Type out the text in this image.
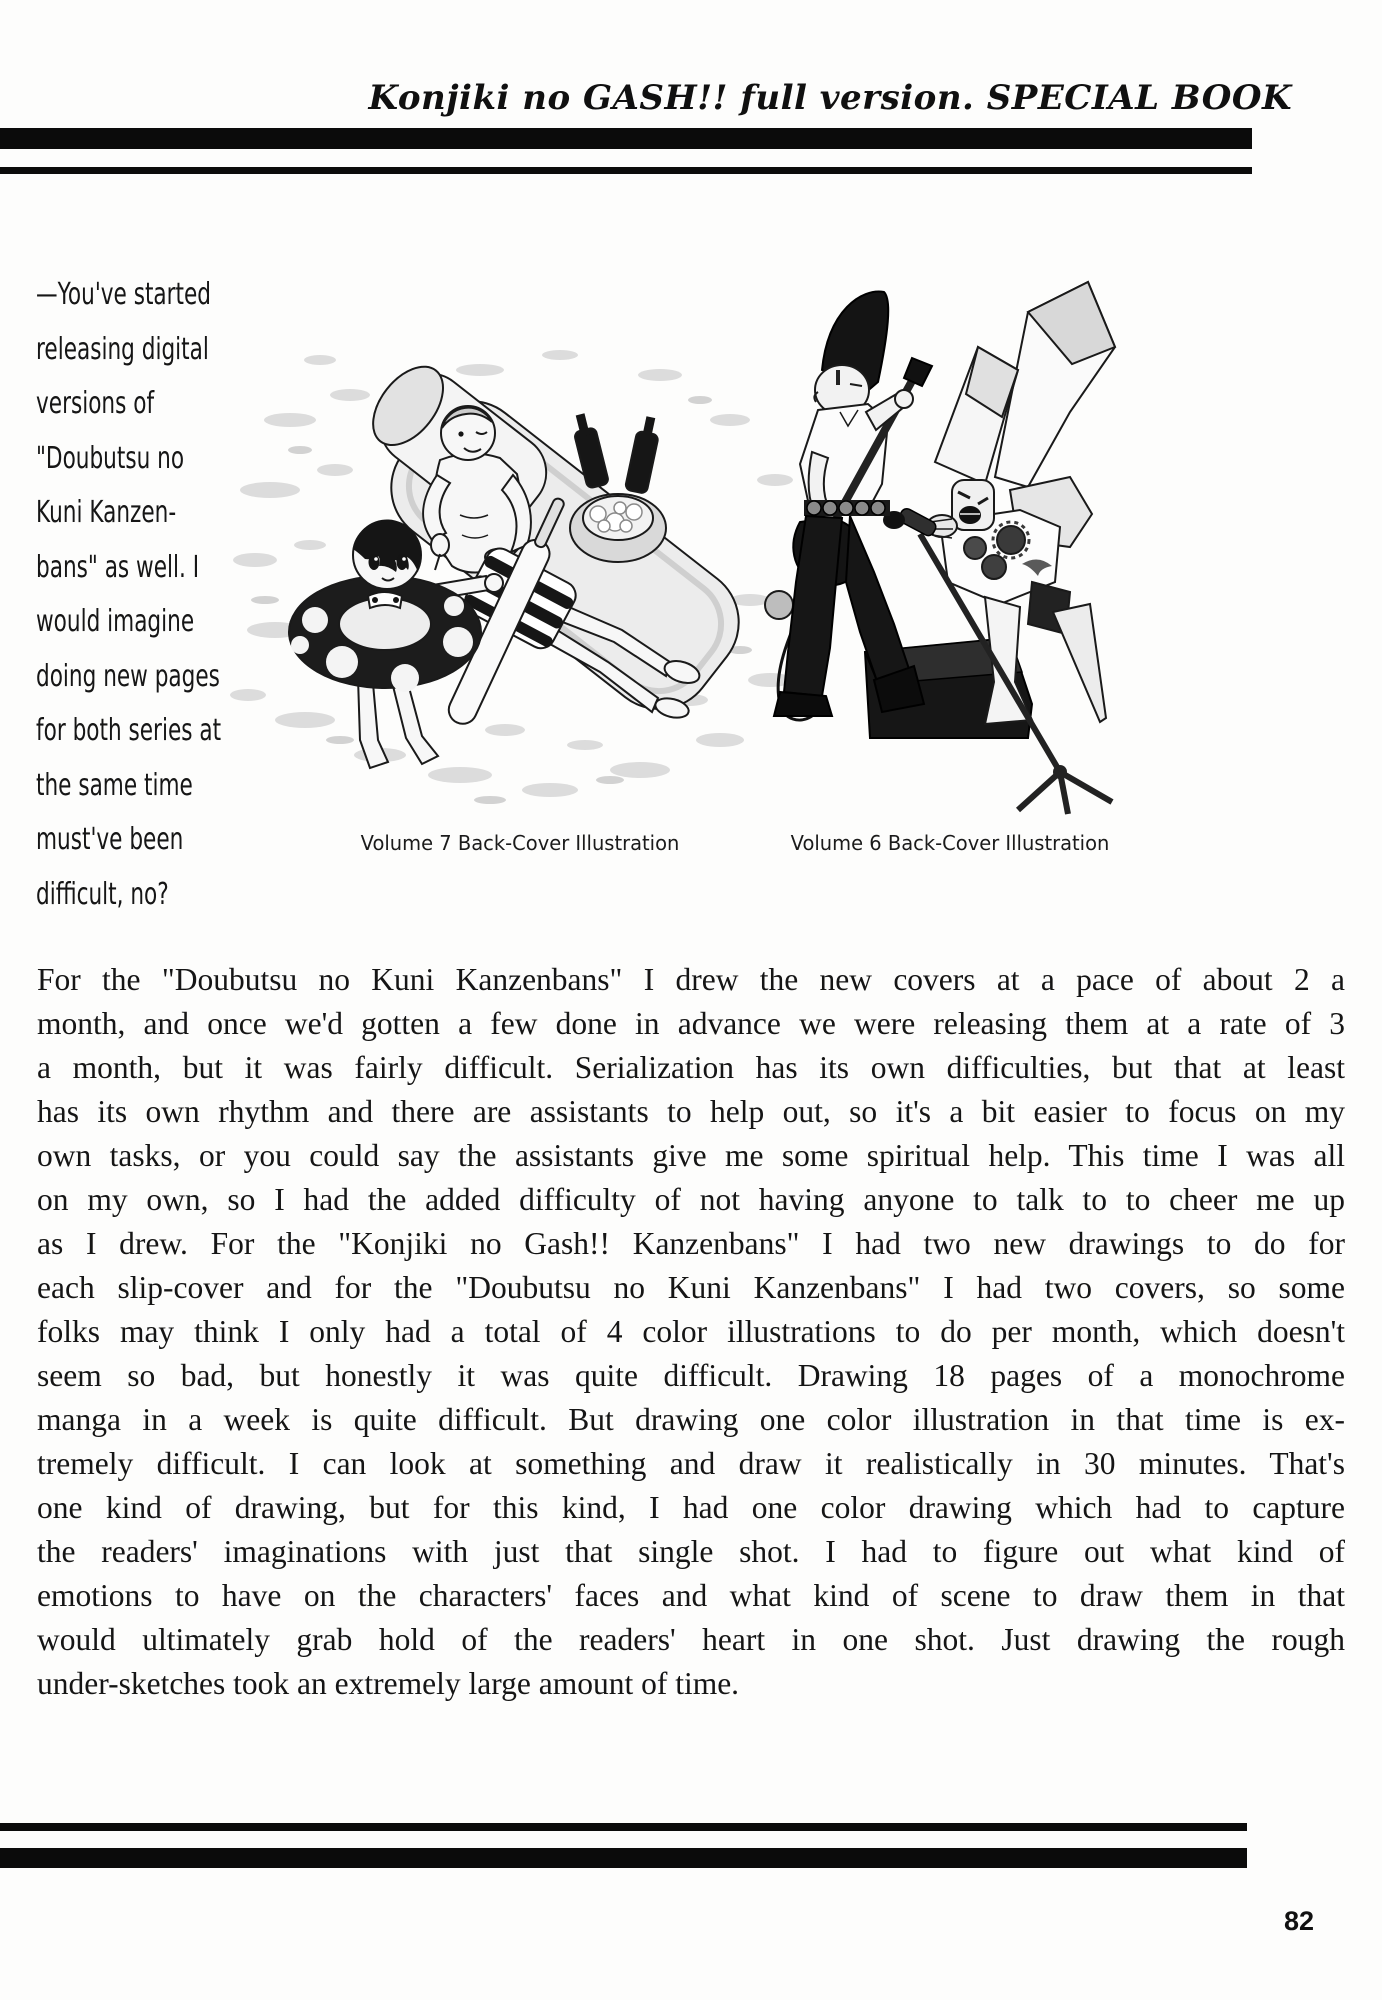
Konjiki no GASH!! full version. SPECIAL BOOK
—You've started
releasing digital
versions of
"Doubutsu no
Kuni Kanzen-
bans" as well. I
would imagine
doing new pages
for both series at
the same time
must've been
difficult, no?
Volume 7 Back-Cover Illustration	Volume 6 Back-Cover Illustration
For the "Doubutsu no Kuni Kanzenbans" I drew the new covers at a pace of about 2 a
month, and once we'd gotten a few done in advance we were releasing them at a rate of 3
a month, but it was fairly difficult. Serialization has its own difficulties, but that at least
has its own rhythm and there are assistants to help out, so it's a bit easier to focus on my
own tasks, or you could say the assistants give me some spiritual help. This time I was all
on my own, so I had the added difficulty of not having anyone to talk to to cheer me up
as I drew. For the "Konjiki no Gash!! Kanzenbans" I had two new drawings to do for
each slip-cover and for the "Doubutsu no Kuni Kanzenbans" I had two covers, so some
folks may think I only had a total of 4 color illustrations to do per month, which doesn't
seem so bad, but honestly it was quite difficult. Drawing 18 pages of a monochrome
manga in a week is quite difficult. But drawing one color illustration in that time is ex-
tremely difficult. I can look at something and draw it realistically in 30 minutes. That's
one kind of drawing, but for this kind, I had one color drawing which had to capture
the readers' imaginations with just that single shot. I had to figure out what kind of
emotions to have on the characters' faces and what kind of scene to draw them in that
would ultimately grab hold of the readers' heart in one shot. Just drawing the rough
under-sketches took an extremely large amount of time.
82
